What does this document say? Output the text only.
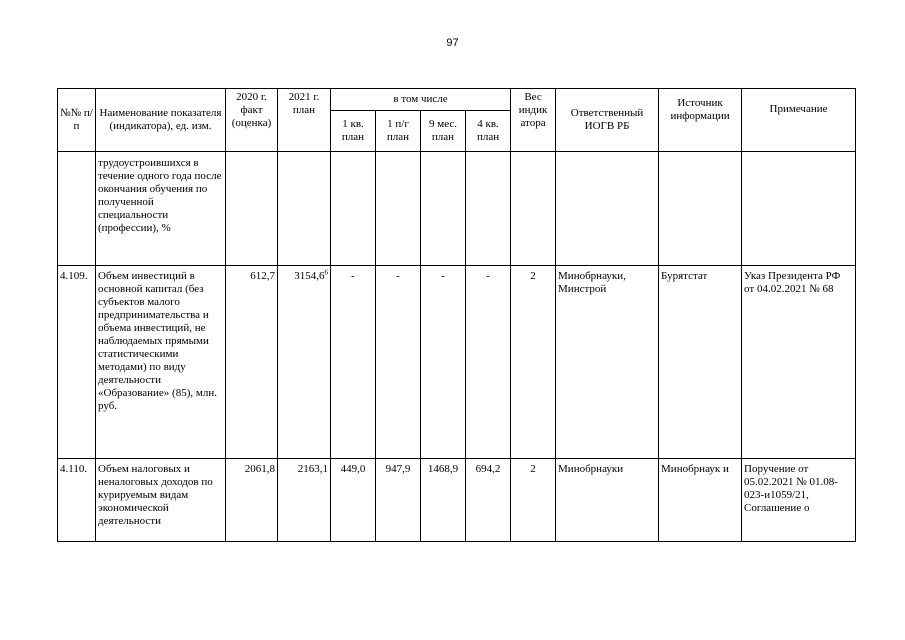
97
№№ п/п	Наименование показателя (индикатора), ед. изм.	2020 г. факт (оценка)	2021 г. план	в том числе				Вес индик атора	Ответственный ИОГВ РБ	Источник информации	Примечание
				1 кв. план	1 п/г план	9 мес. план	4 кв. план				
	трудоустроившихся в течение одного года после окончания обучения по полученной специальности (профессии), %										
4.109.	Объем инвестиций в основной капитал (без субъектов малого предпринимательства и объема инвестиций, не наблюдаемых прямыми статистическими методами) по виду деятельности «Образование» (85), млн. руб.	612,7	3154,6$^6$	-	-	-	-	2	Минобрнауки, Минстрой	Бурятстат	Указ Президента РФ от 04.02.2021 № 68
4.110.	Объем налоговых и неналоговых доходов по курируемым видам экономической деятельности	2061,8	2163,1	449,0	947,9	1468,9	694,2	2	Минобрнауки	Минобрнаук и	Поручение от 05.02.2021 № 01.08-023-и1059/21, Соглашение о
